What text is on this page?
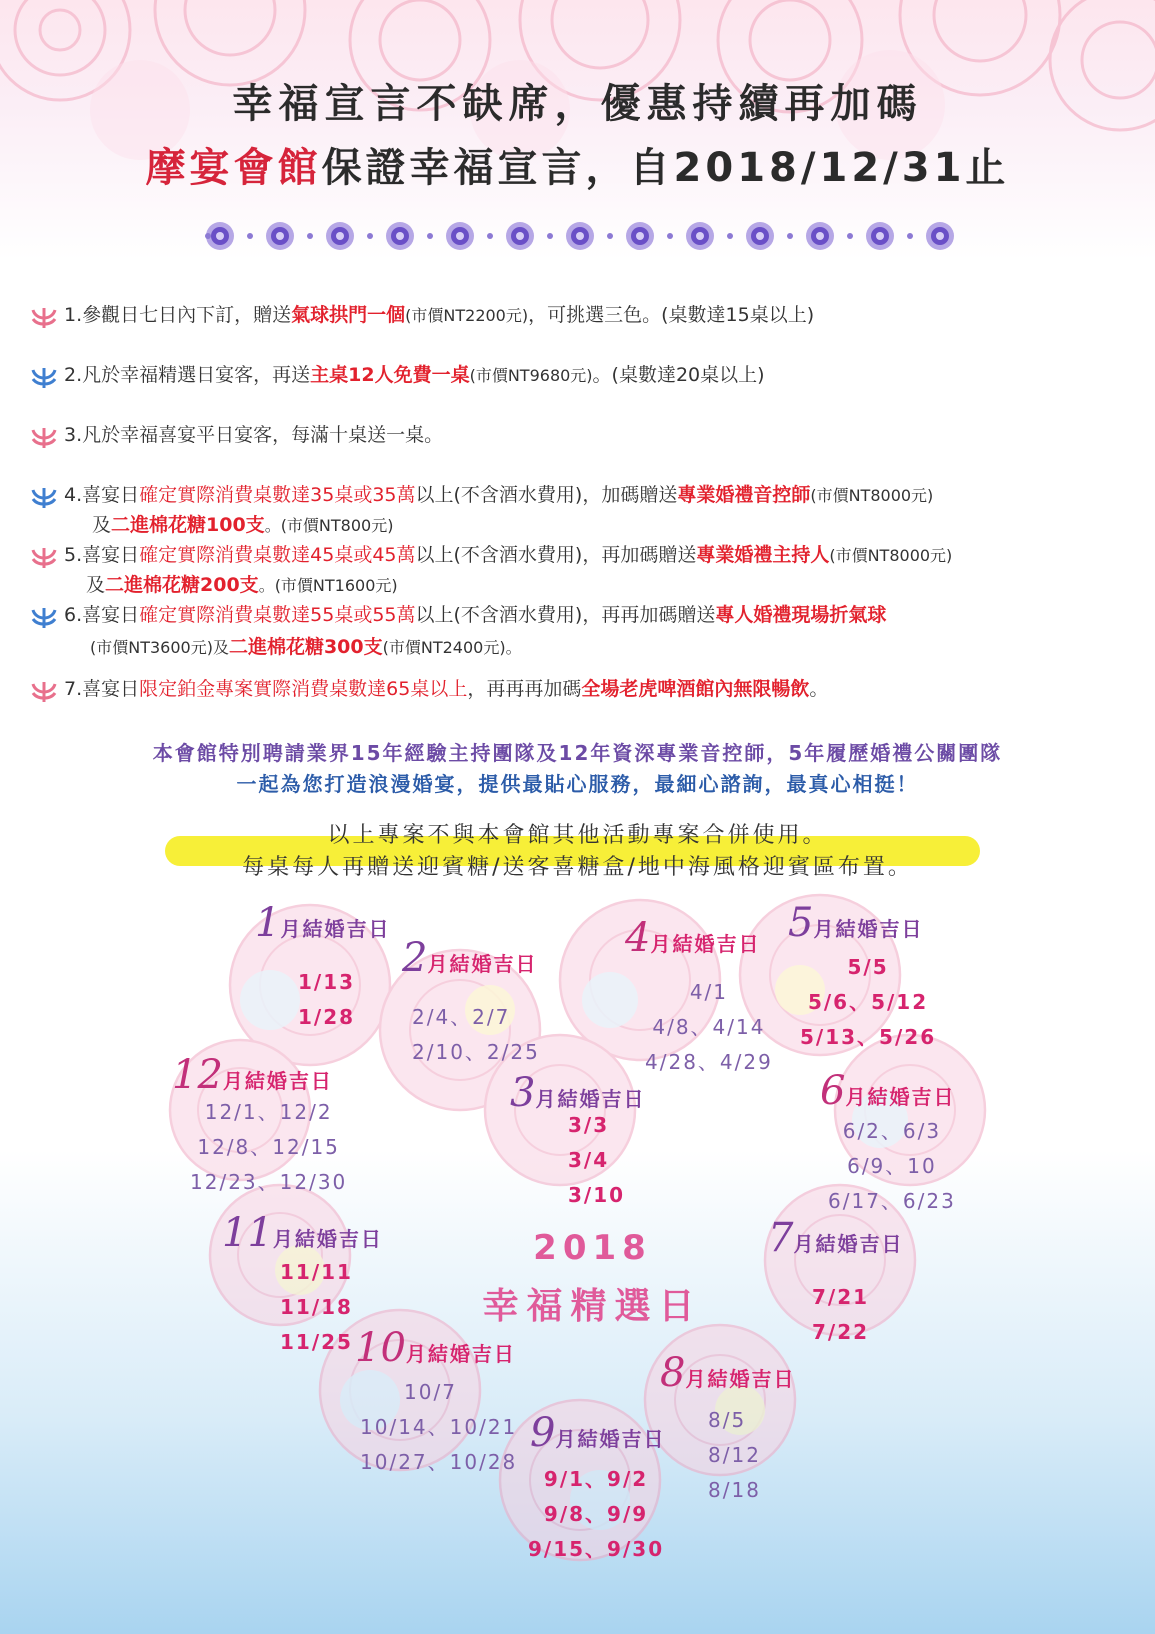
幸福宣言不缺席，優惠持續再加碼
摩宴會館保證幸福宣言，自2018/12/31止
1.參觀日七日內下訂，贈送氣球拱門一個(市價NT2200元)，可挑選三色。(桌數達15桌以上)
2.凡於幸福精選日宴客，再送主桌12人免費一桌(市價NT9680元)。(桌數達20桌以上)
3.凡於幸福喜宴平日宴客，每滿十桌送一桌。
4.喜宴日確定實際消費桌數達35桌或35萬以上(不含酒水費用)，加碼贈送專業婚禮音控師(市價NT8000元)
及二進棉花糖100支。(市價NT800元)
5.喜宴日確定實際消費桌數達45桌或45萬以上(不含酒水費用)，再加碼贈送專業婚禮主持人(市價NT8000元)
及二進棉花糖200支。(市價NT1600元)
6.喜宴日確定實際消費桌數達55桌或55萬以上(不含酒水費用)，再再加碼贈送專人婚禮現場折氣球
(市價NT3600元)及二進棉花糖300支(市價NT2400元)。
7.喜宴日限定鉑金專案實際消費桌數達65桌以上，再再再加碼全場老虎啤酒館內無限暢飲。
本會館特別聘請業界15年經驗主持團隊及12年資深專業音控師，5年履歷婚禮公關團隊
一起為您打造浪漫婚宴，提供最貼心服務，最細心諮詢，最真心相挺！
以上專案不與本會館其他活動專案合併使用。
每桌每人再贈送迎賓糖/送客喜糖盒/地中海風格迎賓區布置。
1月結婚吉日
1/13
1/28
2月結婚吉日
2/4、2/7
2/10、2/25
3月結婚吉日
3/3
3/4
3/10
4月結婚吉日
4/1
4/8、4/14
4/28、4/29
5月結婚吉日
5/5
5/6、5/12
5/13、5/26
6月結婚吉日
6/2、6/3
6/9、10
6/17、6/23
7月結婚吉日
7/21
7/22
8月結婚吉日
8/5
8/12
8/18
9月結婚吉日
9/1、9/2
9/8、9/9
9/15、9/30
10月結婚吉日
10/7
10/14、10/21
10/27、10/28
11月結婚吉日
11/11
11/18
11/25
12月結婚吉日
12/1、12/2
12/8、12/15
12/23、12/30
2018
幸福精選日
